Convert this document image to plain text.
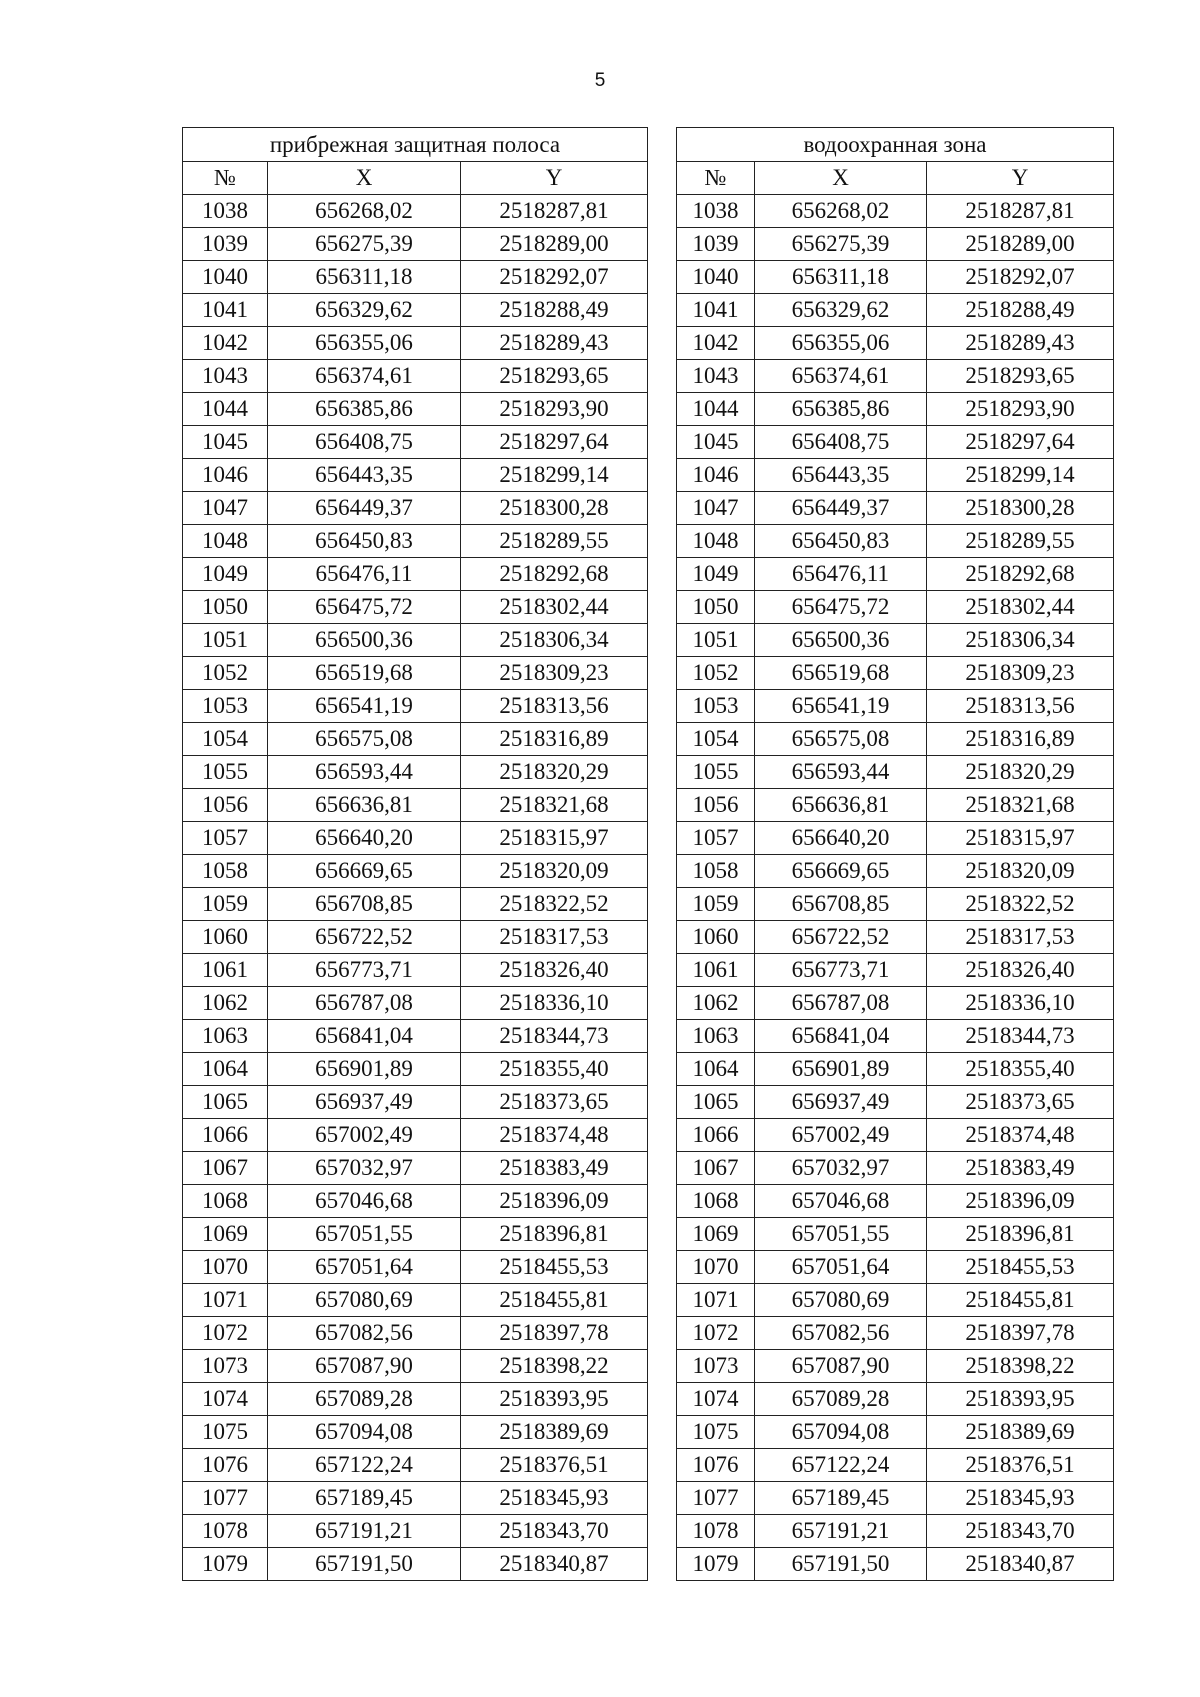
5
прибрежная защитная полоса				водоохранная зона		
№	X	Y		№	X	Y
1038	656268,02	2518287,81		1038	656268,02	2518287,81
1039	656275,39	2518289,00		1039	656275,39	2518289,00
1040	656311,18	2518292,07		1040	656311,18	2518292,07
1041	656329,62	2518288,49		1041	656329,62	2518288,49
1042	656355,06	2518289,43		1042	656355,06	2518289,43
1043	656374,61	2518293,65		1043	656374,61	2518293,65
1044	656385,86	2518293,90		1044	656385,86	2518293,90
1045	656408,75	2518297,64		1045	656408,75	2518297,64
1046	656443,35	2518299,14		1046	656443,35	2518299,14
1047	656449,37	2518300,28		1047	656449,37	2518300,28
1048	656450,83	2518289,55		1048	656450,83	2518289,55
1049	656476,11	2518292,68		1049	656476,11	2518292,68
1050	656475,72	2518302,44		1050	656475,72	2518302,44
1051	656500,36	2518306,34		1051	656500,36	2518306,34
1052	656519,68	2518309,23		1052	656519,68	2518309,23
1053	656541,19	2518313,56		1053	656541,19	2518313,56
1054	656575,08	2518316,89		1054	656575,08	2518316,89
1055	656593,44	2518320,29		1055	656593,44	2518320,29
1056	656636,81	2518321,68		1056	656636,81	2518321,68
1057	656640,20	2518315,97		1057	656640,20	2518315,97
1058	656669,65	2518320,09		1058	656669,65	2518320,09
1059	656708,85	2518322,52		1059	656708,85	2518322,52
1060	656722,52	2518317,53		1060	656722,52	2518317,53
1061	656773,71	2518326,40		1061	656773,71	2518326,40
1062	656787,08	2518336,10		1062	656787,08	2518336,10
1063	656841,04	2518344,73		1063	656841,04	2518344,73
1064	656901,89	2518355,40		1064	656901,89	2518355,40
1065	656937,49	2518373,65		1065	656937,49	2518373,65
1066	657002,49	2518374,48		1066	657002,49	2518374,48
1067	657032,97	2518383,49		1067	657032,97	2518383,49
1068	657046,68	2518396,09		1068	657046,68	2518396,09
1069	657051,55	2518396,81		1069	657051,55	2518396,81
1070	657051,64	2518455,53		1070	657051,64	2518455,53
1071	657080,69	2518455,81		1071	657080,69	2518455,81
1072	657082,56	2518397,78		1072	657082,56	2518397,78
1073	657087,90	2518398,22		1073	657087,90	2518398,22
1074	657089,28	2518393,95		1074	657089,28	2518393,95
1075	657094,08	2518389,69		1075	657094,08	2518389,69
1076	657122,24	2518376,51		1076	657122,24	2518376,51
1077	657189,45	2518345,93		1077	657189,45	2518345,93
1078	657191,21	2518343,70		1078	657191,21	2518343,70
1079	657191,50	2518340,87		1079	657191,50	2518340,87
